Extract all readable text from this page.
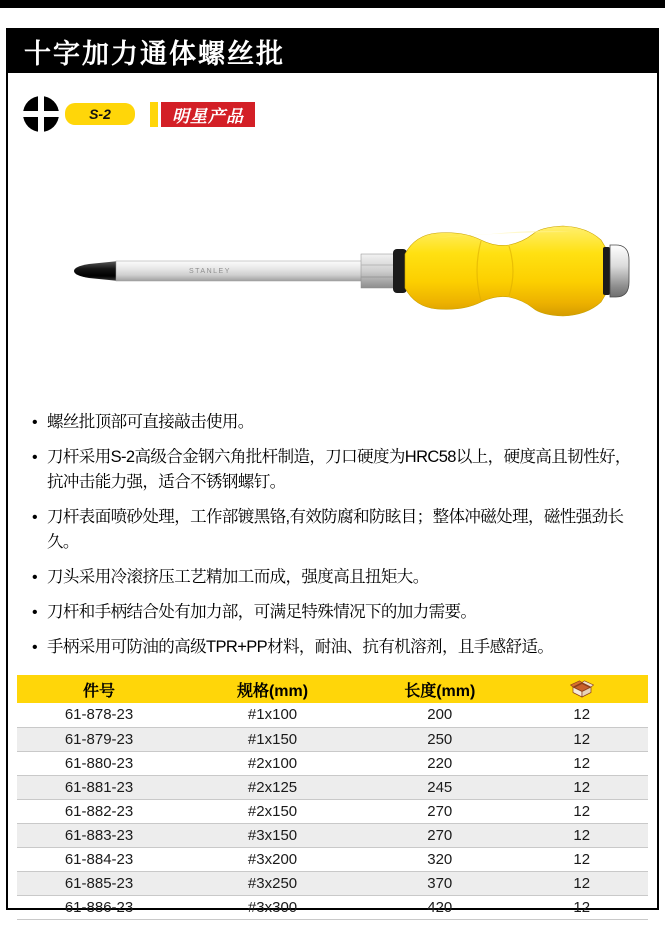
十字加力通体螺丝批
S-2	明星产品
STANLEY
• 螺丝批顶部可直接敲击使用。
• 刀杆采用S-2高级合金钢六角批杆制造，刀口硬度为HRC58以上，硬度高且韧性好，抗冲击能力强，适合不锈钢螺钉。
• 刀杆表面喷砂处理，工作部镀黑铬,有效防腐和防眩目；整体冲磁处理，磁性强劲长久。
• 刀头采用冷滚挤压工艺精加工而成，强度高且扭矩大。
• 刀杆和手柄结合处有加力部，可满足特殊情况下的加力需要。
• 手柄采用可防油的高级TPR+PP材料，耐油、抗有机溶剂，且手感舒适。
件号	规格(mm)	长度(mm)	
61-878-23	#1x100	200	12
61-879-23	#1x150	250	12
61-880-23	#2x100	220	12
61-881-23	#2x125	245	12
61-882-23	#2x150	270	12
61-883-23	#3x150	270	12
61-884-23	#3x200	320	12
61-885-23	#3x250	370	12
61-886-23	#3x300	420	12
